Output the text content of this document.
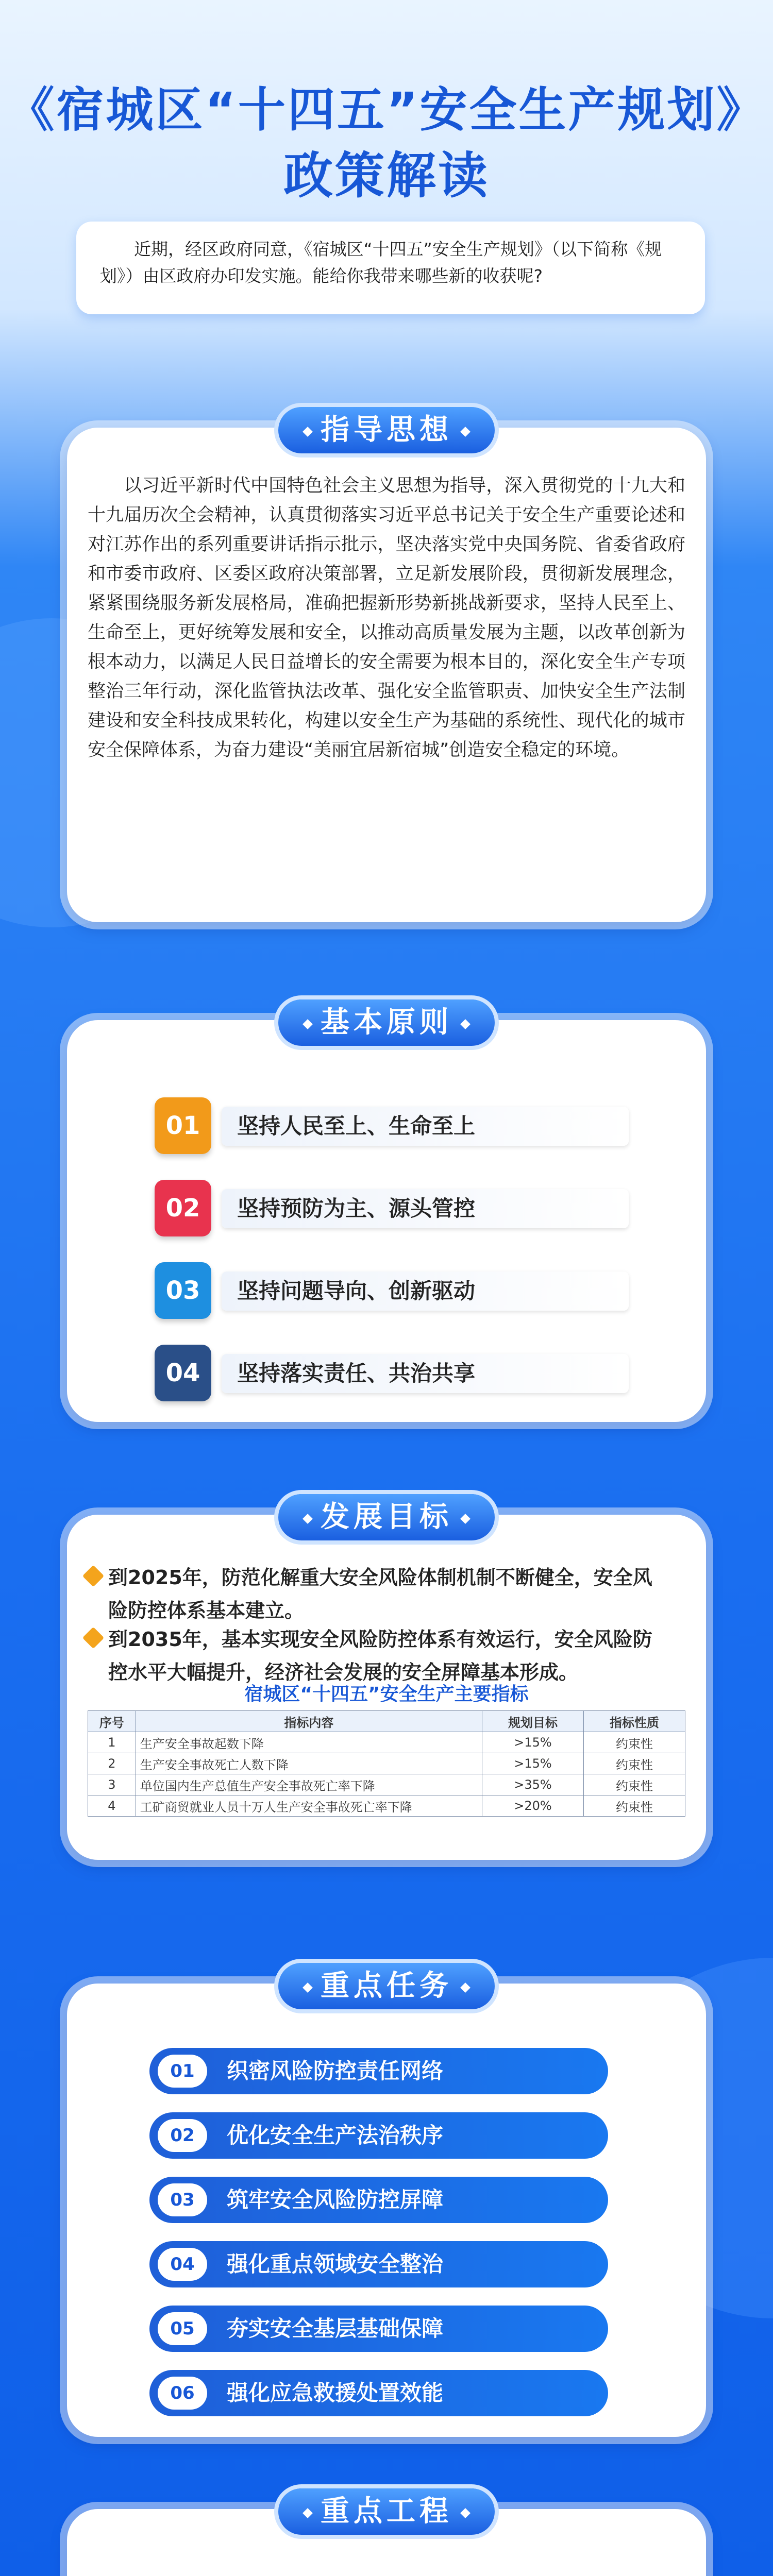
《宿城区“十四五”安全生产规划》
政策解读
近期，经区政府同意，《宿城区“十四五”安全生产规划》（以下简称《规划》）由区政府办印发实施。能给你我带来哪些新的收获呢?
指导思想
以习近平新时代中国特色社会主义思想为指导，深入贯彻党的十九大和十九届历次全会精神，认真贯彻落实习近平总书记关于安全生产重要论述和对江苏作出的系列重要讲话指示批示，坚决落实党中央国务院、省委省政府和市委市政府、区委区政府决策部署，立足新发展阶段，贯彻新发展理念，紧紧围绕服务新发展格局，准确把握新形势新挑战新要求，坚持人民至上、生命至上，更好统筹发展和安全，以推动高质量发展为主题，以改革创新为根本动力，以满足人民日益增长的安全需要为根本目的，深化安全生产专项整治三年行动，深化监管执法改革、强化安全监管职责、加快安全生产法制建设和安全科技成果转化，构建以安全生产为基础的系统性、现代化的城市安全保障体系，为奋力建设“美丽宜居新宿城”创造安全稳定的环境。
基本原则
01	坚持人民至上、生命至上
02	坚持预防为主、源头管控
03	坚持问题导向、创新驱动
04	坚持落实责任、共治共享
发展目标
到2025年，防范化解重大安全风险体制机制不断健全，安全风险防控体系基本建立。
到2035年，基本实现安全风险防控体系有效运行，安全风险防控水平大幅提升，经济社会发展的安全屏障基本形成。
宿城区“十四五”安全生产主要指标
序号	指标内容	规划目标	指标性质
1	生产安全事故起数下降	>15%	约束性
2	生产安全事故死亡人数下降	>15%	约束性
3	单位国内生产总值生产安全事故死亡率下降	>35%	约束性
4	工矿商贸就业人员十万人生产安全事故死亡率下降	>20%	约束性
重点任务
01	织密风险防控责任网络
02	优化安全生产法治秩序
03	筑牢安全风险防控屏障
04	强化重点领域安全整治
05	夯实安全基层基础保障
06	强化应急救援处置效能
重点工程
